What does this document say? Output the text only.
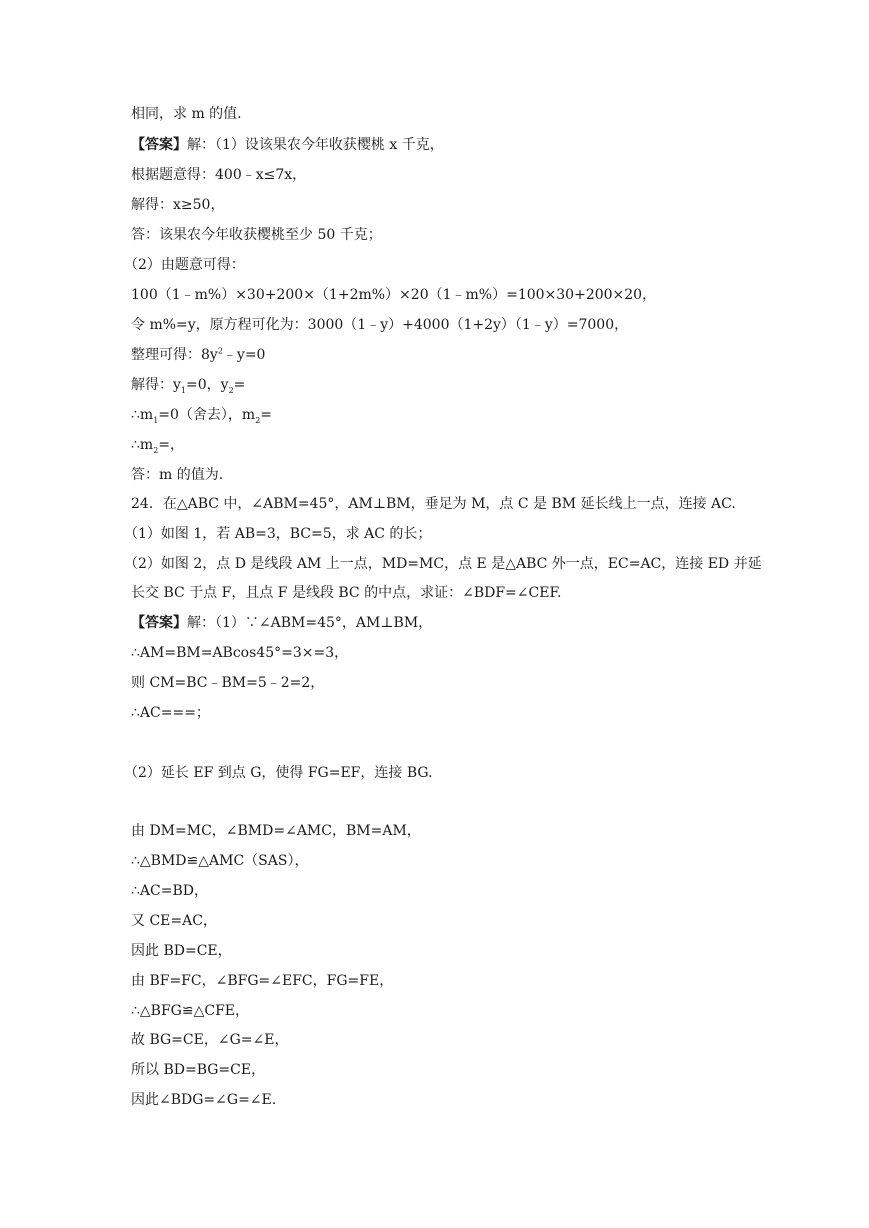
相同，求 m 的值.
【答案】解：（1）设该果农今年收获樱桃 x 千克，
根据题意得：400﹣x≤7x，
解得：x≥50，
答：该果农今年收获樱桃至少 50 千克；
（2）由题意可得：
100（1﹣m%）×30+200×（1+2m%）×20（1﹣m%）=100×30+200×20，
令 m%=y，原方程可化为：3000（1﹣y）+4000（1+2y）（1﹣y）=7000，
整理可得：$8y^2﹣y=0$
解得：$y_1=0$，$y_2=$
$\therefore m_1=0$（舍去），$m_2=$
$\therefore m_2=$，
答：m 的值为.
24．在△ABC 中，∠ABM=45°，AM⊥BM，垂足为 M，点 C 是 BM 延长线上一点，连接 AC.
（1）如图 1，若 AB=3，BC=5，求 AC 的长；
（2）如图 2，点 D 是线段 AM 上一点，MD=MC，点 E 是△ABC 外一点，EC=AC，连接 ED 并延
长交 BC 于点 F，且点 F 是线段 BC 的中点，求证：∠BDF=∠CEF.
【答案】解：（1）∵∠ABM=45°，AM⊥BM，
∴AM=BM=ABcos45°=3×=3，
则 CM=BC﹣BM=5﹣2=2，
∴AC===；
（2）延长 EF 到点 G，使得 FG=EF，连接 BG.
由 DM=MC，∠BMD=∠AMC，BM=AM，
∴△BMD≌△AMC（SAS），
∴AC=BD，
又 CE=AC，
因此 BD=CE，
由 BF=FC，∠BFG=∠EFC，FG=FE，
∴△BFG≌△CFE，
故 BG=CE，∠G=∠E，
所以 BD=BG=CE，
因此∠BDG=∠G=∠E.
